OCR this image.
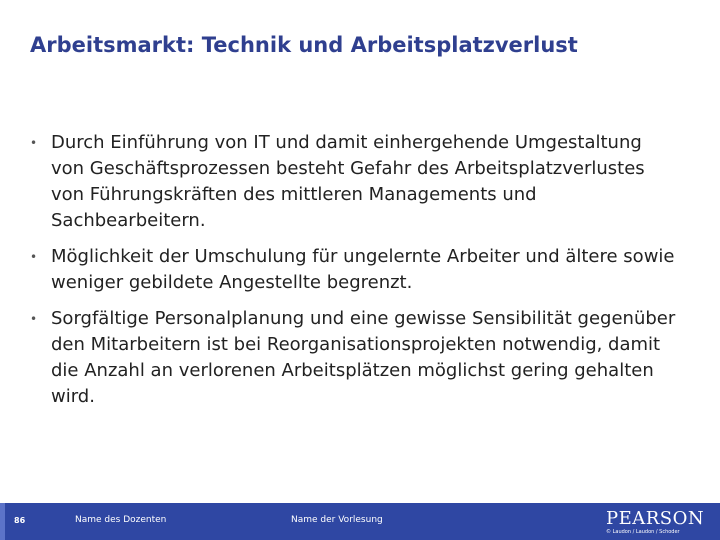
Arbeitsmarkt: Technik und Arbeitsplatzverlust
• Durch Einführung von IT und damit einhergehende Umgestaltung von Geschäftsprozessen besteht Gefahr des Arbeitsplatzverlustes von Führungskräften des mittleren Managements und Sachbearbeitern.
• Möglichkeit der Umschulung für ungelernte Arbeiter und ältere sowie weniger gebildete Angestellte begrenzt.
• Sorgfältige Personalplanung und eine gewisse Sensibilität gegenüber den Mitarbeitern ist bei Reorganisationsprojekten notwendig, damit die Anzahl an verlorenen Arbeitsplätzen möglichst gering gehalten wird.
86	Name des Dozenten	Name der Vorlesung	PEARSON
© Laudon / Laudon / Schoder
